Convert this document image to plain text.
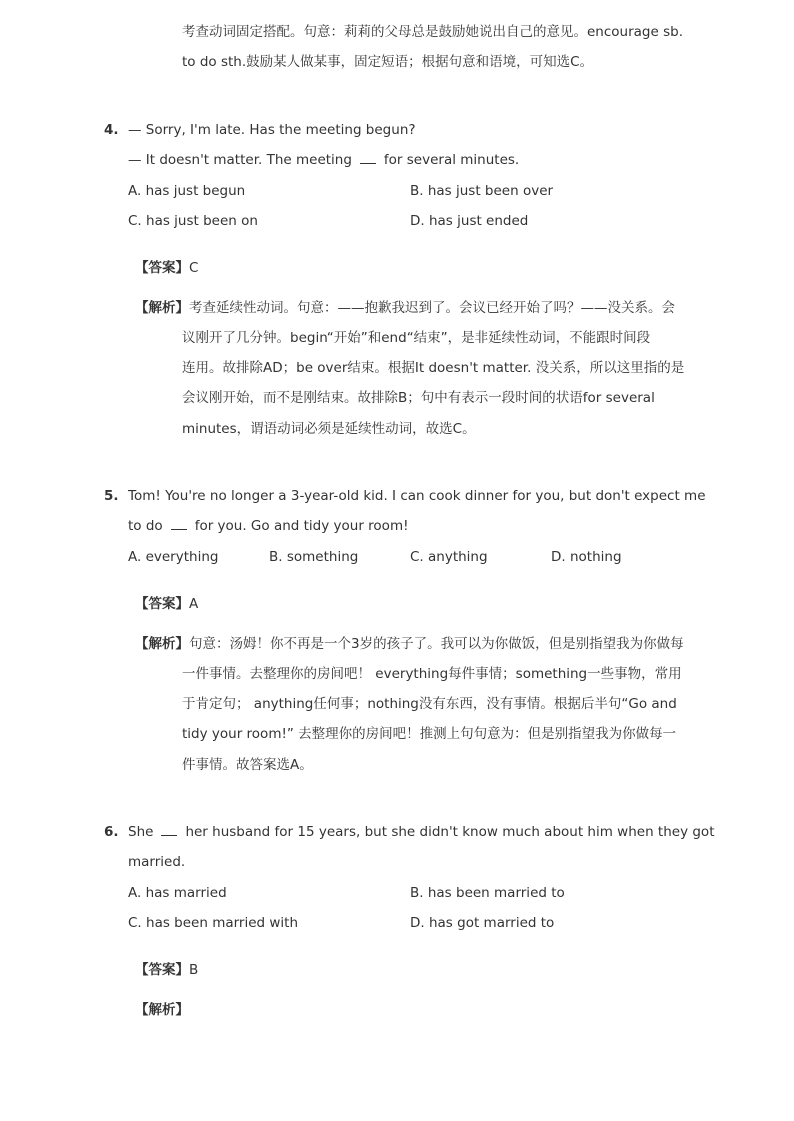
考查动词固定搭配。句意：莉莉的父母总是鼓励她说出自己的意见。encourage sb.
to do sth.鼓励某人做某事，固定短语；根据句意和语境，可知选C。
4. — Sorry, I'm late. Has the meeting begun?
— It doesn't matter. The meeting for several minutes.
A. has just begun	B. has just been over
C. has just been on	D. has just ended
【答案】C
【解析】考查延续性动词。句意：——抱歉我迟到了。会议已经开始了吗？——没关系。会
议刚开了几分钟。begin“开始”和end“结束”，是非延续性动词，不能跟时间段
连用。故排除AD；be over结束。根据It doesn't matter. 没关系，所以这里指的是
会议刚开始，而不是刚结束。故排除B；句中有表示一段时间的状语for several
minutes，谓语动词必须是延续性动词，故选C。
5. Tom! You're no longer a 3-year-old kid. I can cook dinner for you, but don't expect me
to do for you. Go and tidy your room!
A. everything	B. something	C. anything	D. nothing
【答案】A
【解析】句意：汤姆！你不再是一个3岁的孩子了。我可以为你做饭，但是别指望我为你做每
一件事情。去整理你的房间吧！ everything每件事情；something一些事物，常用
于肯定句； anything任何事；nothing没有东西，没有事情。根据后半句“Go and
tidy your room!” 去整理你的房间吧！推测上句句意为：但是别指望我为你做每一
件事情。故答案选A。
6. She her husband for 15 years, but she didn't know much about him when they got
married.
A. has married	B. has been married to
C. has been married with	D. has got married to
【答案】B
【解析】
